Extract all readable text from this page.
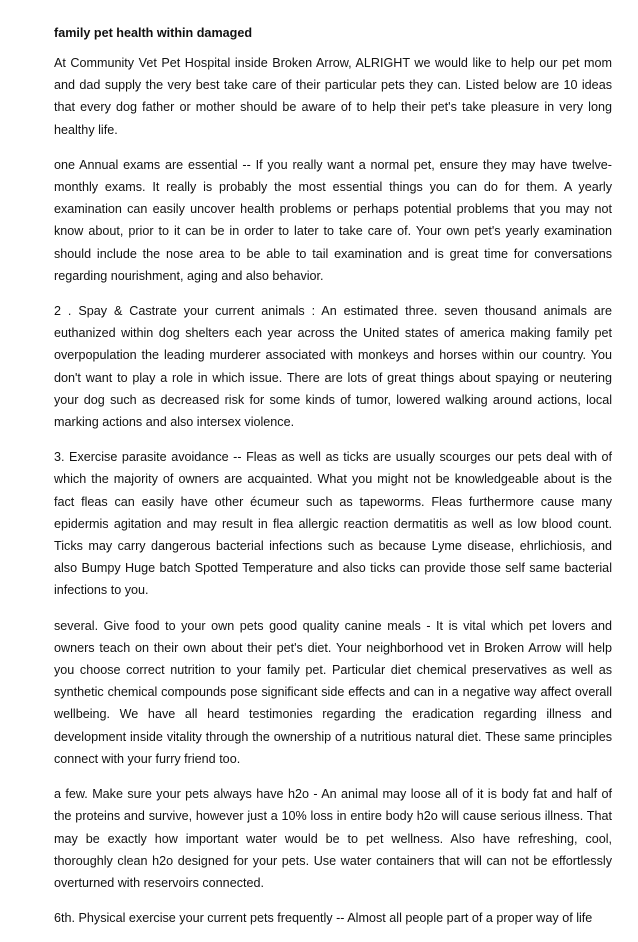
family pet health within damaged

At Community Vet Pet Hospital inside Broken Arrow, ALRIGHT we would like to help our pet mom and dad supply the very best take care of their particular pets they can. Listed below are 10 ideas that every dog father or mother should be aware of to help their pet's take pleasure in very long healthy life.

one Annual exams are essential -- If you really want a normal pet, ensure they may have twelve-monthly exams. It really is probably the most essential things you can do for them. A yearly examination can easily uncover health problems or perhaps potential problems that you may not know about, prior to it can be in order to later to take care of. Your own pet's yearly examination should include the nose area to be able to tail examination and is great time for conversations regarding nourishment, aging and also behavior.

2 . Spay & Castrate your current animals : An estimated three. seven thousand animals are euthanized within dog shelters each year across the United states of america making family pet overpopulation the leading murderer associated with monkeys and horses within our country. You don't want to play a role in which issue. There are lots of great things about spaying or neutering your dog such as decreased risk for some kinds of tumor, lowered walking around actions, local marking actions and also intersex violence.

3. Exercise parasite avoidance -- Fleas as well as ticks are usually scourges our pets deal with of which the majority of owners are acquainted. What you might not be knowledgeable about is the fact fleas can easily have other écumeur such as tapeworms. Fleas furthermore cause many epidermis agitation and may result in flea allergic reaction dermatitis as well as low blood count. Ticks may carry dangerous bacterial infections such as because Lyme disease, ehrlichiosis, and also Bumpy Huge batch Spotted Temperature and also ticks can provide those self same bacterial infections to you.

several. Give food to your own pets good quality canine meals - It is vital which pet lovers and owners teach on their own about their pet's diet. Your neighborhood vet in Broken Arrow will help you choose correct nutrition to your family pet. Particular diet chemical preservatives as well as synthetic chemical compounds pose significant side effects and can in a negative way affect overall wellbeing. We have all heard testimonies regarding the eradication regarding illness and development inside vitality through the ownership of a nutritious natural diet. These same principles connect with your furry friend too.

a few. Make sure your pets always have h2o - An animal may loose all of it is body fat and half of the proteins and survive, however just a 10% loss in entire body h2o will cause serious illness. That may be exactly how important water would be to pet wellness. Also have refreshing, cool, thoroughly clean h2o designed for your pets. Use water containers that will can not be effortlessly overturned with reservoirs connected.

6th. Physical exercise your current pets frequently -- Almost all people part of a proper way of life
